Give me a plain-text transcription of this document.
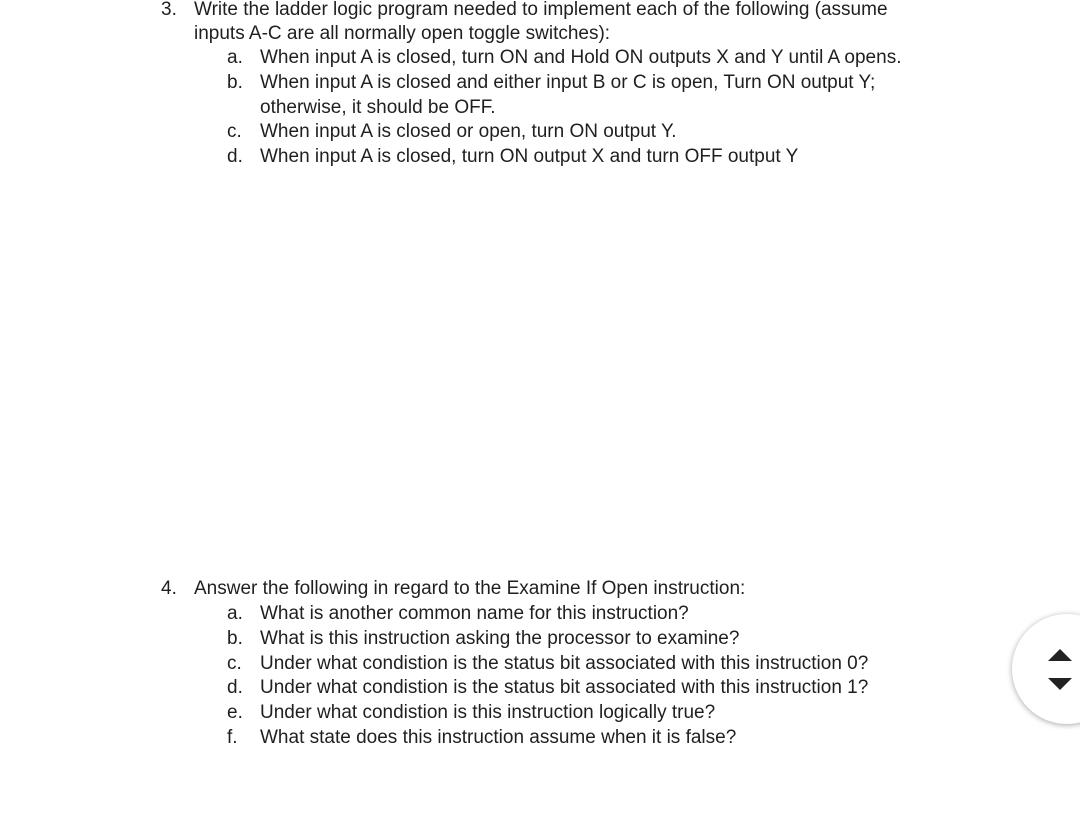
3. Write the ladder logic program needed to implement each of the following (assume
inputs A-C are all normally open toggle switches):
a. When input A is closed, turn ON and Hold ON outputs X and Y until A opens.
b. When input A is closed and either input B or C is open, Turn ON output Y;
otherwise, it should be OFF.
c. When input A is closed or open, turn ON output Y.
d. When input A is closed, turn ON output X and turn OFF output Y
4. Answer the following in regard to the Examine If Open instruction:
a. What is another common name for this instruction?
b. What is this instruction asking the processor to examine?
c. Under what condistion is the status bit associated with this instruction 0?
d. Under what condistion is the status bit associated with this instruction 1?
e. Under what condistion is this instruction logically true?
f. What state does this instruction assume when it is false?
